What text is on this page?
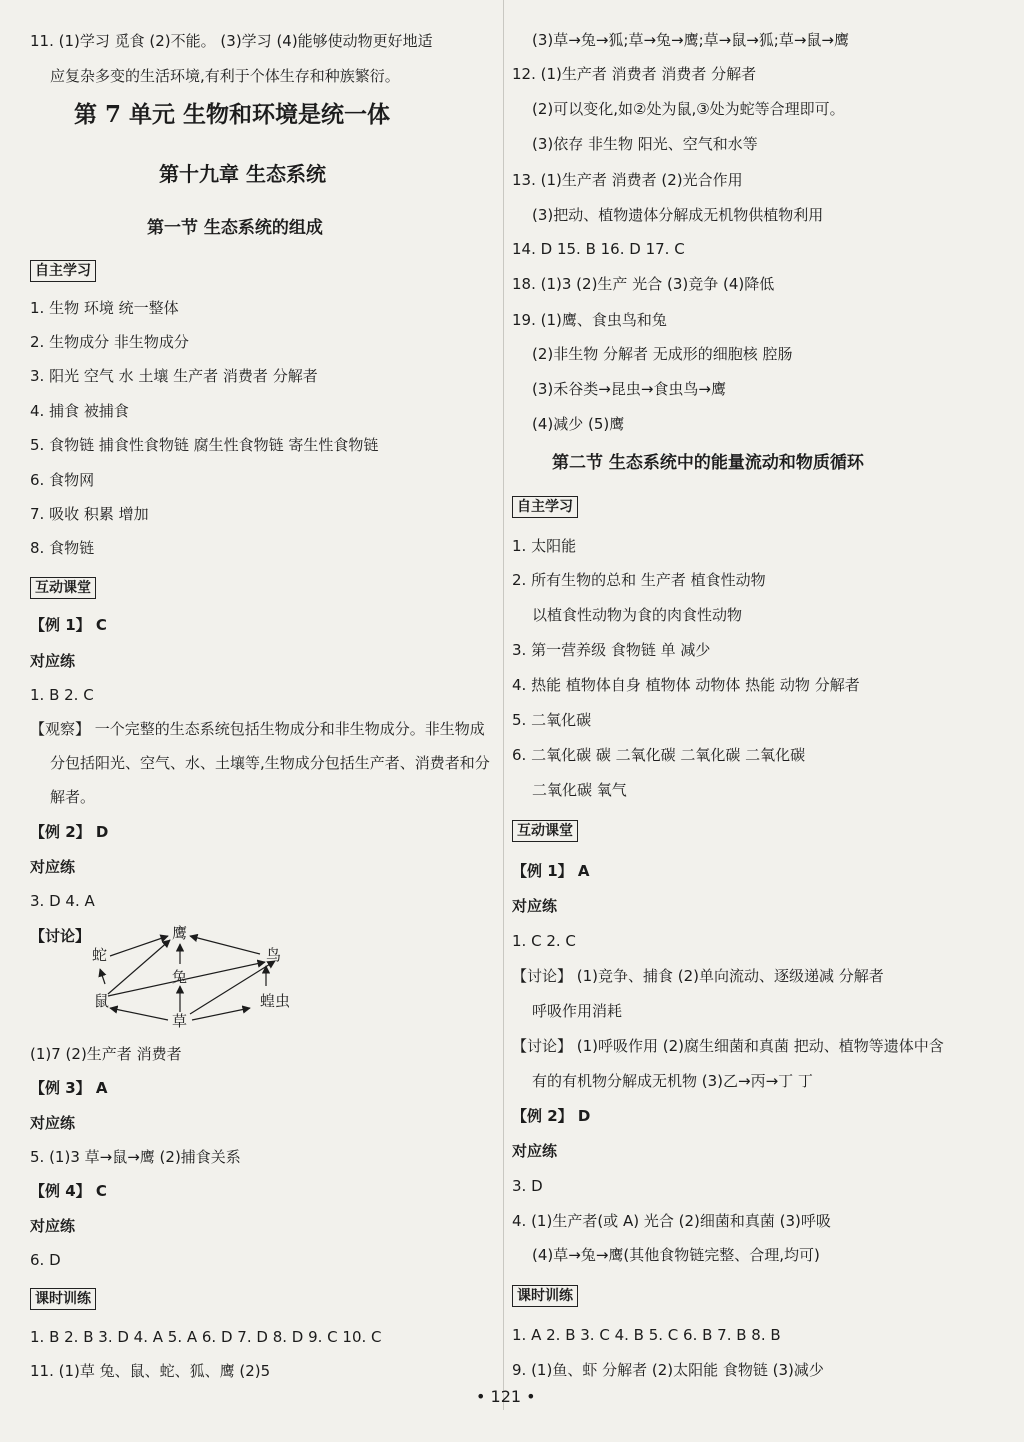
11. (1)学习 觅食 (2)不能。 (3)学习 (4)能够使动物更好地适
应复杂多变的生活环境,有利于个体生存和种族繁衍。
第 7 单元 生物和环境是统一体
第十九章 生态系统
第一节 生态系统的组成
自主学习
1. 生物 环境 统一整体
2. 生物成分 非生物成分
3. 阳光 空气 水 土壤 生产者 消费者 分解者
4. 捕食 被捕食
5. 食物链 捕食性食物链 腐生性食物链 寄生性食物链
6. 食物网
7. 吸收 积累 增加
8. 食物链
互动课堂
【例 1】 C
对应练
1. B 2. C
【观察】 一个完整的生态系统包括生物成分和非生物成分。非生物成
分包括阳光、空气、水、土壤等,生物成分包括生产者、消费者和分
解者。
【例 2】 D
对应练
3. D 4. A
【讨论】
(1)7 (2)生产者 消费者
【例 3】 A
对应练
5. (1)3 草→鼠→鹰 (2)捕食关系
【例 4】 C
对应练
6. D
课时训练
1. B 2. B 3. D 4. A 5. A 6. D 7. D 8. D 9. C 10. C
11. (1)草 兔、鼠、蛇、狐、鹰 (2)5
鹰
蛇
兔
鸟
鼠	蝗虫
草
(3)草→兔→狐;草→兔→鹰;草→鼠→狐;草→鼠→鹰
12. (1)生产者 消费者 消费者 分解者
(2)可以变化,如②处为鼠,③处为蛇等合理即可。
(3)依存 非生物 阳光、空气和水等
13. (1)生产者 消费者 (2)光合作用
(3)把动、植物遗体分解成无机物供植物利用
14. D 15. B 16. D 17. C
18. (1)3 (2)生产 光合 (3)竞争 (4)降低
19. (1)鹰、食虫鸟和兔
(2)非生物 分解者 无成形的细胞核 腔肠
(3)禾谷类→昆虫→食虫鸟→鹰
(4)减少 (5)鹰
第二节 生态系统中的能量流动和物质循环
自主学习
1. 太阳能
2. 所有生物的总和 生产者 植食性动物
以植食性动物为食的肉食性动物
3. 第一营养级 食物链 单 减少
4. 热能 植物体自身 植物体 动物体 热能 动物 分解者
5. 二氧化碳
6. 二氧化碳 碳 二氧化碳 二氧化碳 二氧化碳
二氧化碳 氧气
互动课堂
【例 1】 A
对应练
1. C 2. C
【讨论】 (1)竞争、捕食 (2)单向流动、逐级递减 分解者
呼吸作用消耗
【讨论】 (1)呼吸作用 (2)腐生细菌和真菌 把动、植物等遗体中含
有的有机物分解成无机物 (3)乙→丙→丁 丁
【例 2】 D
对应练
3. D
4. (1)生产者(或 A) 光合 (2)细菌和真菌 (3)呼吸
(4)草→兔→鹰(其他食物链完整、合理,均可)
课时训练
1. A 2. B 3. C 4. B 5. C 6. B 7. B 8. B
9. (1)鱼、虾 分解者 (2)太阳能 食物链 (3)减少
• 121 •
